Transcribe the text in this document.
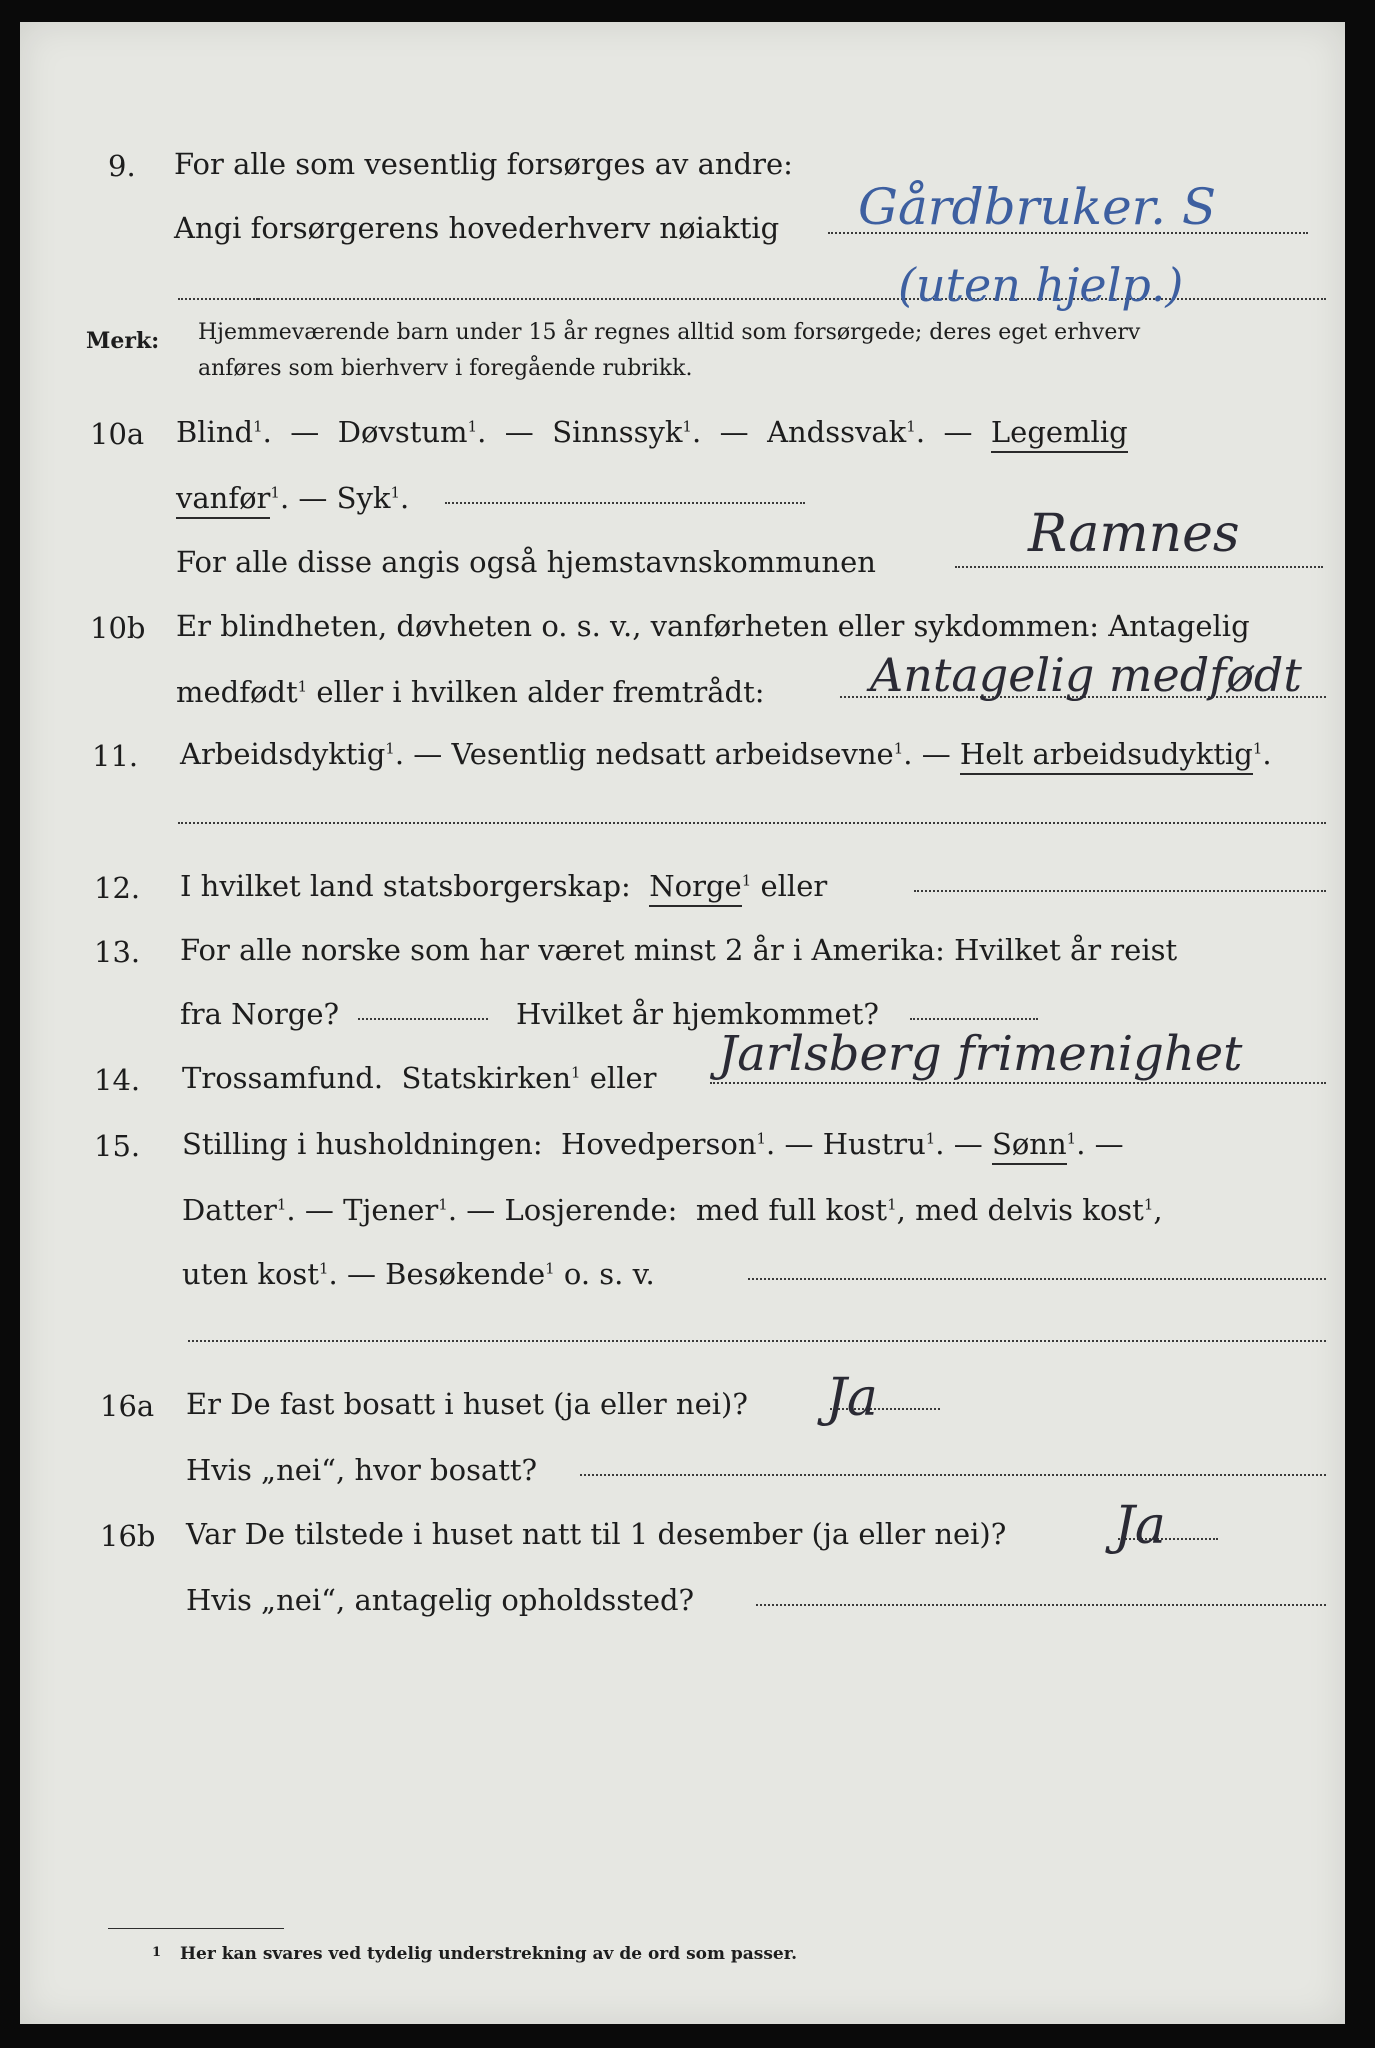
9. For alle som vesentlig forsørges av andre:
Angi forsørgerens hovederhverv nøiaktig Gårdbruker. S
(uten hjelp.)
Merk: Hjemmeværende barn under 15 år regnes alltid som forsørgede; deres eget erhverv
anføres som bierhverv i foregående rubrikk.
10a Blind$^1$.  —  Døvstum$^1$.  —  Sinnssyk$^1$.  —  Andssvak$^1$.  —  Legemlig
vanfør$^1$. — Syk$^1$.
For alle disse angis også hjemstavnskommunen	Ramnes
10b Er blindheten, døvheten o. s. v., vanførheten eller sykdommen: Antagelig
medfødt$^1$ eller i hvilken alder fremtrådt: Antagelig medfødt
11. Arbeidsdyktig$^1$. — Vesentlig nedsatt arbeidsevne$^1$. — Helt arbeidsudyktig$^1$.
12. I hvilket land statsborgerskap: Norge$^1$ eller
13. For alle norske som har været minst 2 år i Amerika: Hvilket år reist
fra Norge?	Hvilket år hjemkommet?
14. Trossamfund. Statskirken$^1$ eller Jarlsberg frimenighet
15. Stilling i husholdningen: Hovedperson$^1$. — Hustru$^1$. — Sønn$^1$. —
Datter$^1$. — Tjener$^1$. — Losjerende: med full kost$^1$, med delvis kost$^1$,
uten kost$^1$. — Besøkende$^1$ o. s. v.
16a Er De fast bosatt i huset (ja eller nei)? Ja
Hvis „nei“, hvor bosatt?
16b Var De tilstede i huset natt til 1 desember (ja eller nei)? Ja
Hvis „nei“, antagelig opholdssted?
1 Her kan svares ved tydelig understrekning av de ord som passer.
